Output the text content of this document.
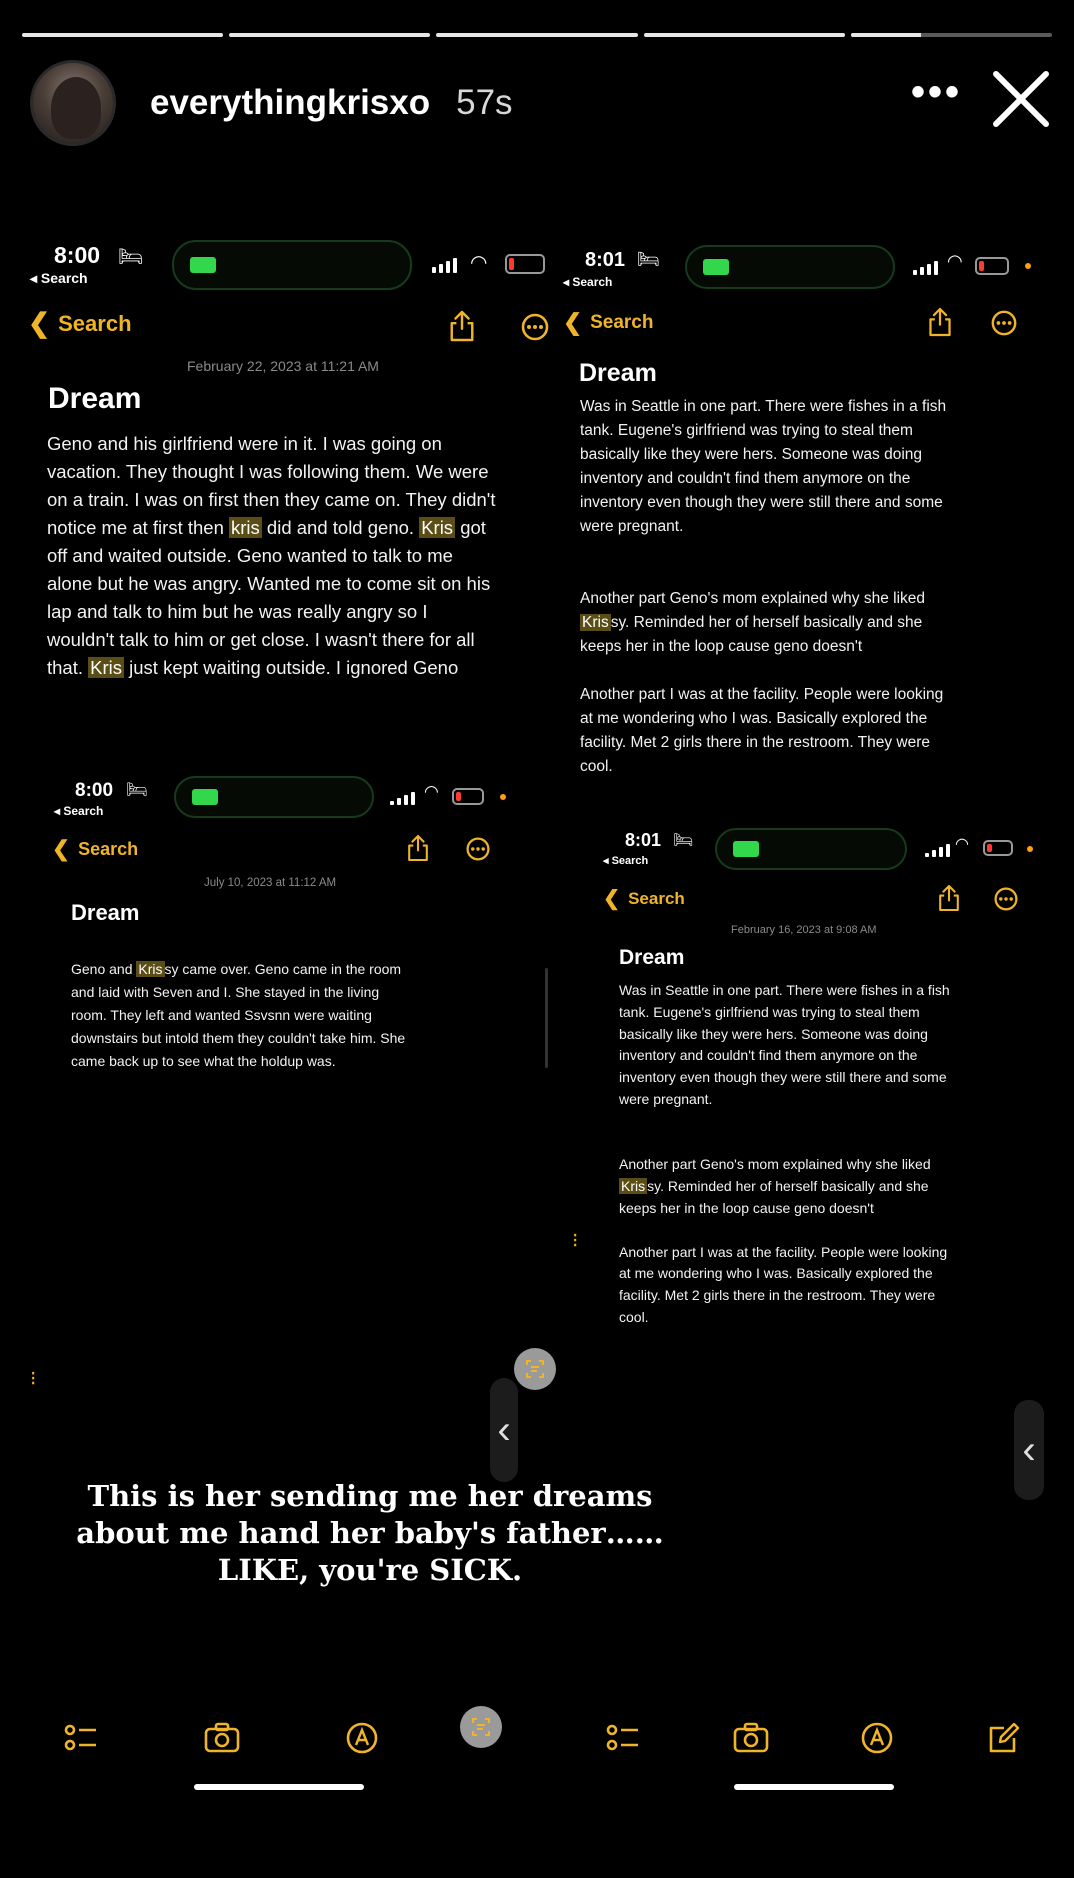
everythingkrisxo 57s	•••
8:00 🛏
◂ Search
◠
❮ Search
February 22, 2023 at 11:21 AM
Dream

Geno and his girlfriend were in it. I was going on

vacation. They thought I was following them. We were

on a train. I was on first then they came on. They didn't

notice me at first then kris did and told geno. Kris got

off and waited outside. Geno wanted to talk to me

alone but he was angry. Wanted me to come sit on his

lap and talk to him but he was really angry so I

wouldn't talk to him or get close. I wasn't there for all

that. Kris just kept waiting outside. I ignored Geno

8:01 🛏
◂ Search
◠
❮ Search
Dream

Was in Seattle in one part. There were fishes in a fish

tank. Eugene's girlfriend was trying to steal them

basically like they were hers. Someone was doing

inventory and couldn't find them anymore on the

inventory even though they were still there and some

were pregnant.

Another part Geno's mom explained why she liked

Kris sy. Reminded her of herself basically and she

keeps her in the loop cause geno doesn't

Another part I was at the facility. People were looking

at me wondering who I was. Basically explored the

facility. Met 2 girls there in the restroom. They were

cool.

8:00 🛏
◂ Search
◠
❮ Search
July 10, 2023 at 11:12 AM
Dream

Geno and Kris sy came over. Geno came in the room

and laid with Seven and I. She stayed in the living

room. They left and wanted Ssvsnn were waiting

downstairs but intold them they couldn't take him. She

came back up to see what the holdup was.

8:01 🛏
◂ Search
◠
❮ Search
February 16, 2023 at 9:08 AM
Dream

Was in Seattle in one part. There were fishes in a fish

tank. Eugene's girlfriend was trying to steal them

basically like they were hers. Someone was doing

inventory and couldn't find them anymore on the

inventory even though they were still there and some

were pregnant.

Another part Geno's mom explained why she liked

Kris sy. Reminded her of herself basically and she

keeps her in the loop cause geno doesn't

Another part I was at the facility. People were looking

at me wondering who I was. Basically explored the

facility. Met 2 girls there in the restroom. They were

cool.

⁝
⁝
‹	‹
This is her sending me her dreams
about me hand her baby's father……
LIKE, you're SICK.
